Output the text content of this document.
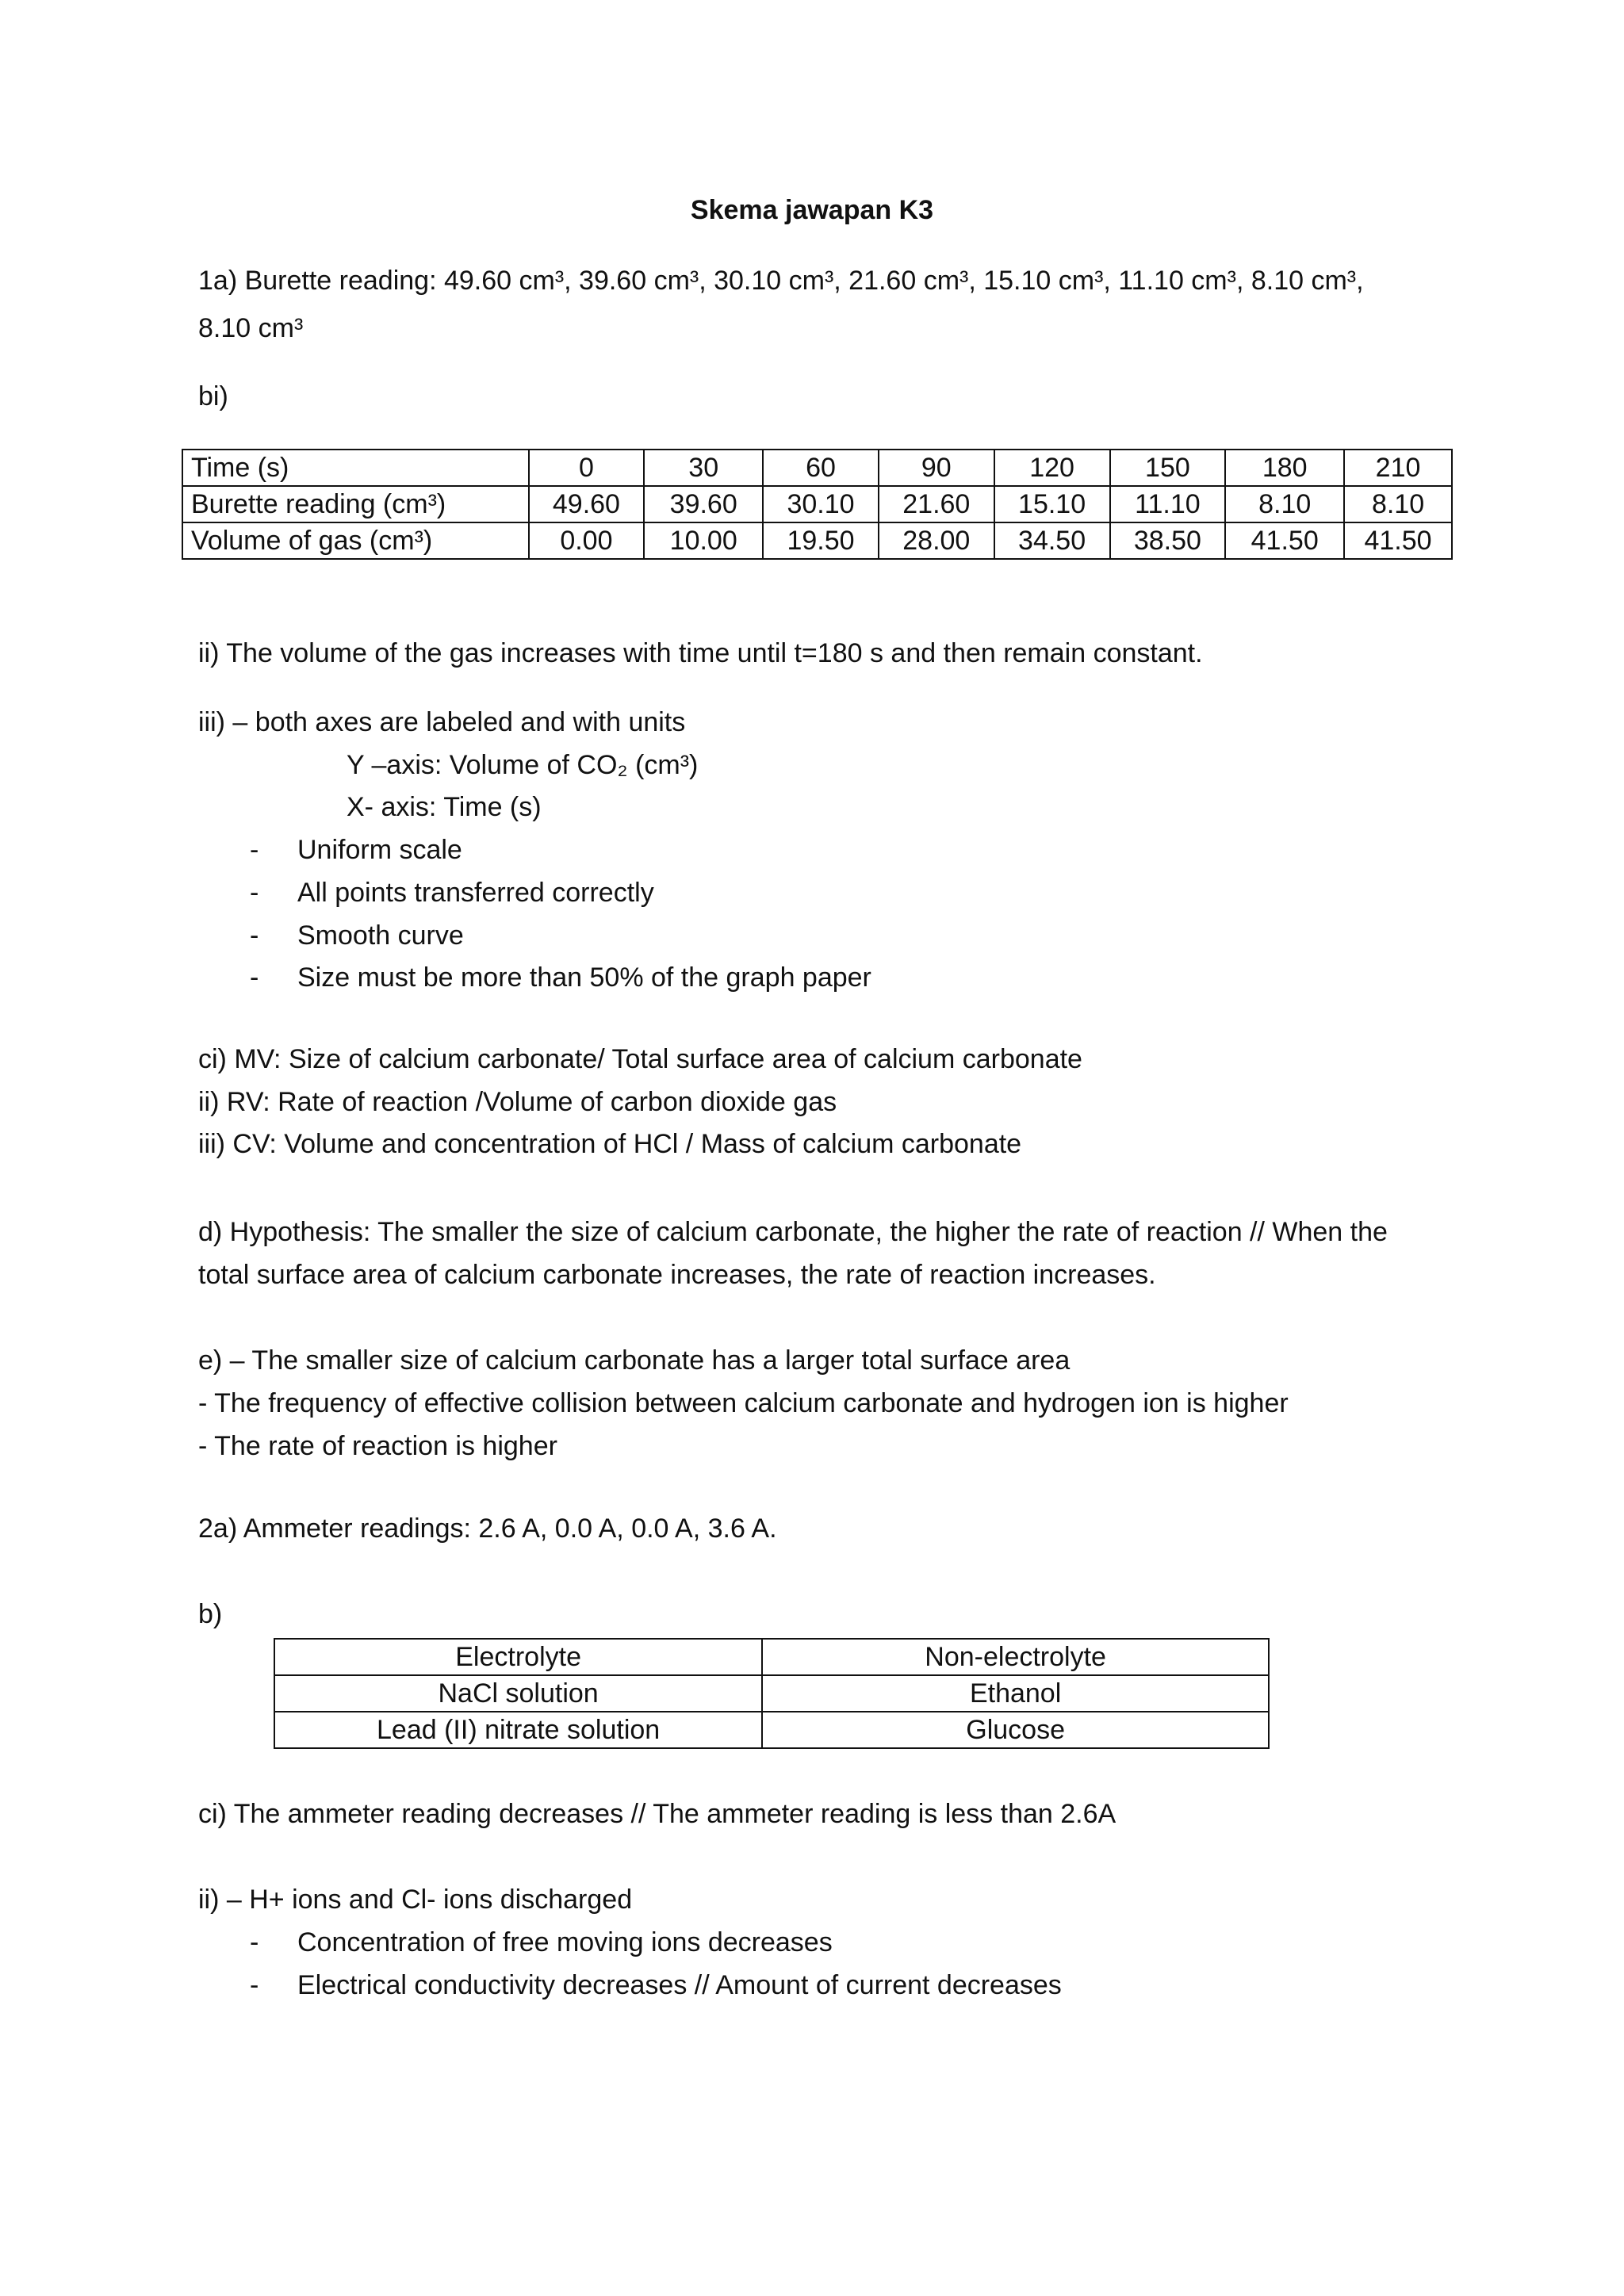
Skema jawapan K3
1a) Burette reading: 49.60 cm³, 39.60 cm³, 30.10 cm³, 21.60 cm³, 15.10 cm³, 11.10 cm³, 8.10 cm³,
8.10 cm³
bi)
Time (s)	0	30	60	90	120	150	180	210
Burette reading (cm³)	49.60	39.60	30.10	21.60	15.10	11.10	8.10	8.10
Volume of gas (cm³)	0.00	10.00	19.50	28.00	34.50	38.50	41.50	41.50
ii) The volume of the gas increases with time until t=180 s and then remain constant.
iii) – both axes are labeled and with units
Y –axis: Volume of CO₂ (cm³)
X- axis: Time (s)
- Uniform scale
- All points transferred correctly
- Smooth curve
- Size must be more than 50% of the graph paper
ci) MV: Size of calcium carbonate/ Total surface area of calcium carbonate
ii) RV: Rate of reaction /Volume of carbon dioxide gas
iii) CV: Volume and concentration of HCl / Mass of calcium carbonate
d) Hypothesis: The smaller the size of calcium carbonate, the higher the rate of reaction // When the
total surface area of calcium carbonate increases, the rate of reaction increases.
e) – The smaller size of calcium carbonate has a larger total surface area
- The frequency of effective collision between calcium carbonate and hydrogen ion is higher
- The rate of reaction is higher
2a) Ammeter readings: 2.6 A, 0.0 A, 0.0 A, 3.6 A.
b)
Electrolyte	Non-electrolyte
NaCl solution	Ethanol
Lead (II) nitrate solution	Glucose
ci) The ammeter reading decreases // The ammeter reading is less than 2.6A
ii) – H+ ions and Cl- ions discharged
- Concentration of free moving ions decreases
- Electrical conductivity decreases // Amount of current decreases
